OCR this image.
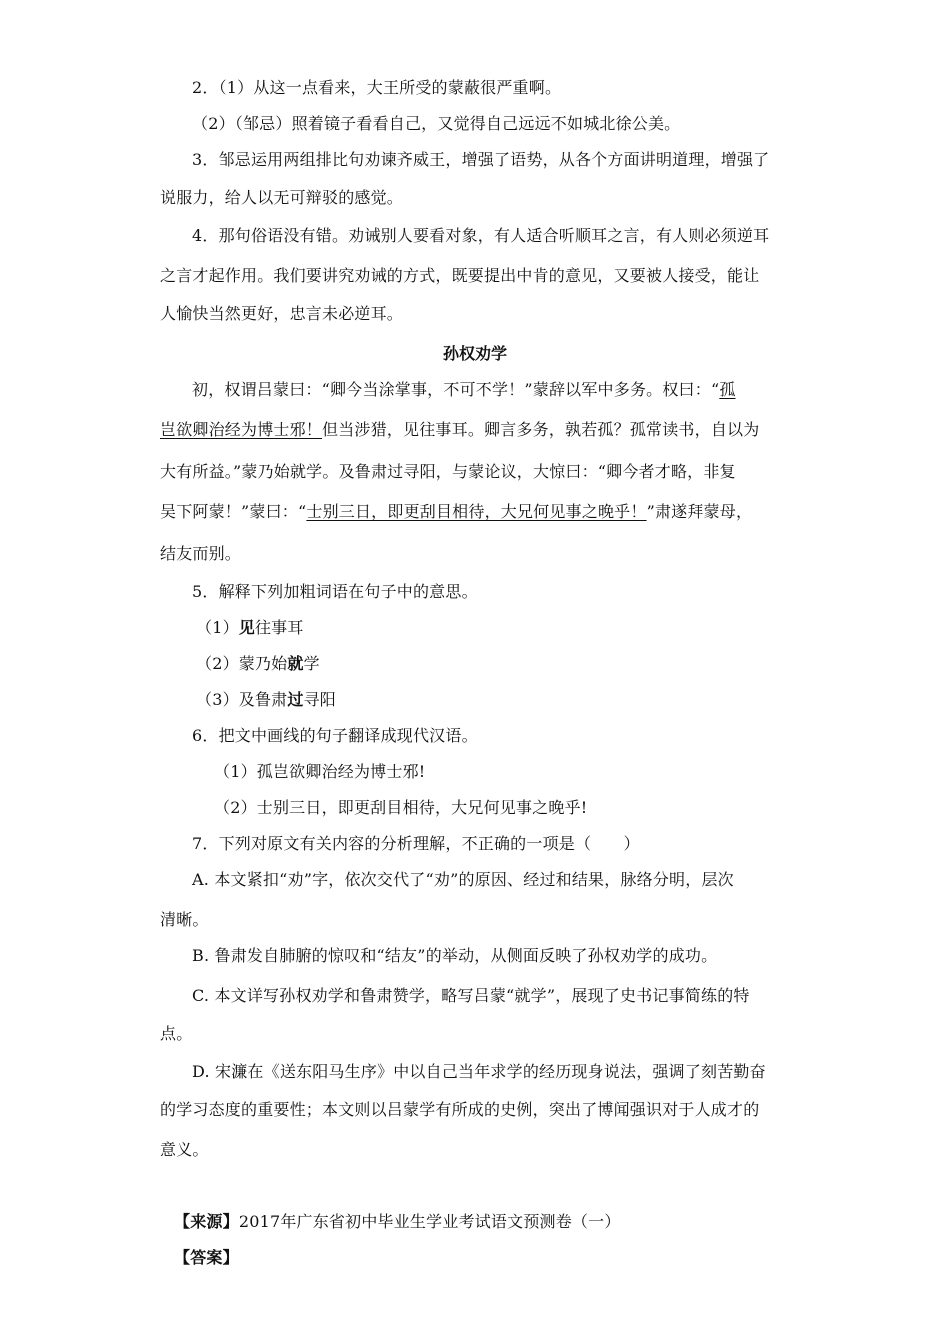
2．（1）从这一点看来，大王所受的蒙蔽很严重啊。
（2）（邹忌）照着镜子看看自己，又觉得自己远远不如城北徐公美。
3．邹忌运用两组排比句劝谏齐威王，增强了语势，从各个方面讲明道理，增强了
说服力，给人以无可辩驳的感觉。
4．那句俗语没有错。劝诫别人要看对象，有人适合听顺耳之言，有人则必须逆耳
之言才起作用。我们要讲究劝诫的方式，既要提出中肯的意见，又要被人接受，能让
人愉快当然更好，忠言未必逆耳。
孙权劝学
初，权谓吕蒙曰：“卿今当涂掌事，不可不学！”蒙辞以军中多务。权曰：“孤
岂欲卿治经为博士邪！但当涉猎，见往事耳。卿言多务，孰若孤？孤常读书，自以为
大有所益。”蒙乃始就学。及鲁肃过寻阳，与蒙论议，大惊曰：“卿今者才略，非复
吴下阿蒙！”蒙曰：“士别三日，即更刮目相待，大兄何见事之晚乎！”肃遂拜蒙母，
结友而别。
5．解释下列加粗词语在句子中的意思。
（1）见往事耳
（2）蒙乃始就学
（3）及鲁肃过寻阳
6．把文中画线的句子翻译成现代汉语。
（1）孤岂欲卿治经为博士邪!
（2）士别三日，即更刮目相待，大兄何见事之晚乎!
7．下列对原文有关内容的分析理解，不正确的一项是（　　）
A. 本文紧扣“劝”字，依次交代了“劝”的原因、经过和结果，脉络分明，层次
清晰。
B. 鲁肃发自肺腑的惊叹和“结友”的举动，从侧面反映了孙权劝学的成功。
C. 本文详写孙权劝学和鲁肃赞学，略写吕蒙“就学”，展现了史书记事简练的特
点。
D. 宋濂在《送东阳马生序》中以自己当年求学的经历现身说法，强调了刻苦勤奋
的学习态度的重要性；本文则以吕蒙学有所成的史例，突出了博闻强识对于人成才的
意义。
【来源】2017年广东省初中毕业生学业考试语文预测卷（一）
【答案】
